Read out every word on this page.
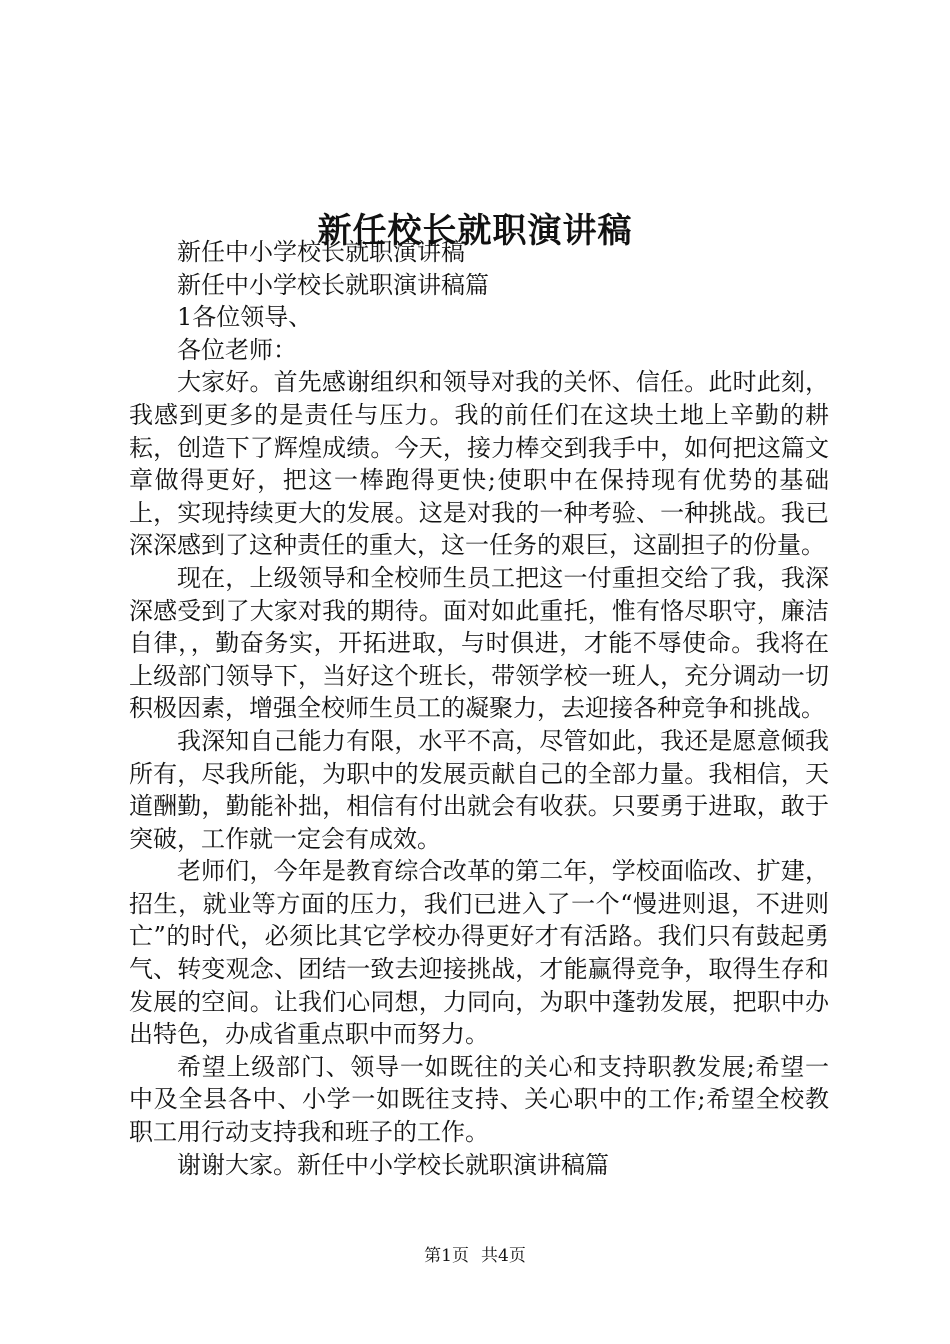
新任校长就职演讲稿

新任中小学校长就职演讲稿

新任中小学校长就职演讲稿篇

1各位领导、

各位老师：

大家好。首先感谢组织和领导对我的关怀、信任。此时此刻，我感到更多的是责任与压力。我的前任们在这块土地上辛勤的耕耘，创造下了辉煌成绩。今天，接力棒交到我手中，如何把这篇文章做得更好，把这一棒跑得更快;使职中在保持现有优势的基础上，实现持续更大的发展。这是对我的一种考验、一种挑战。我已深深感到了这种责任的重大，这一任务的艰巨，这副担子的份量。

现在，上级领导和全校师生员工把这一付重担交给了我，我深深感受到了大家对我的期待。面对如此重托，惟有恪尽职守，廉洁自律，，勤奋务实，开拓进取，与时俱进，才能不辱使命。我将在上级部门领导下，当好这个班长，带领学校一班人，充分调动一切积极因素，增强全校师生员工的凝聚力，去迎接各种竞争和挑战。

我深知自己能力有限，水平不高，尽管如此，我还是愿意倾我所有，尽我所能，为职中的发展贡献自己的全部力量。我相信，天道酬勤，勤能补拙，相信有付出就会有收获。只要勇于进取，敢于突破，工作就一定会有成效。

老师们，今年是教育综合改革的第二年，学校面临改、扩建，招生，就业等方面的压力，我们已进入了一个“慢进则退，不进则亡”的时代，必须比其它学校办得更好才有活路。我们只有鼓起勇气、转变观念、团结一致去迎接挑战，才能赢得竞争，取得生存和发展的空间。让我们心同想，力同向，为职中蓬勃发展，把职中办出特色，办成省重点职中而努力。

希望上级部门、领导一如既往的关心和支持职教发展;希望一中及全县各中、小学一如既往支持、关心职中的工作;希望全校教职工用行动支持我和班子的工作。

谢谢大家。新任中小学校长就职演讲稿篇

第1页 共4页
